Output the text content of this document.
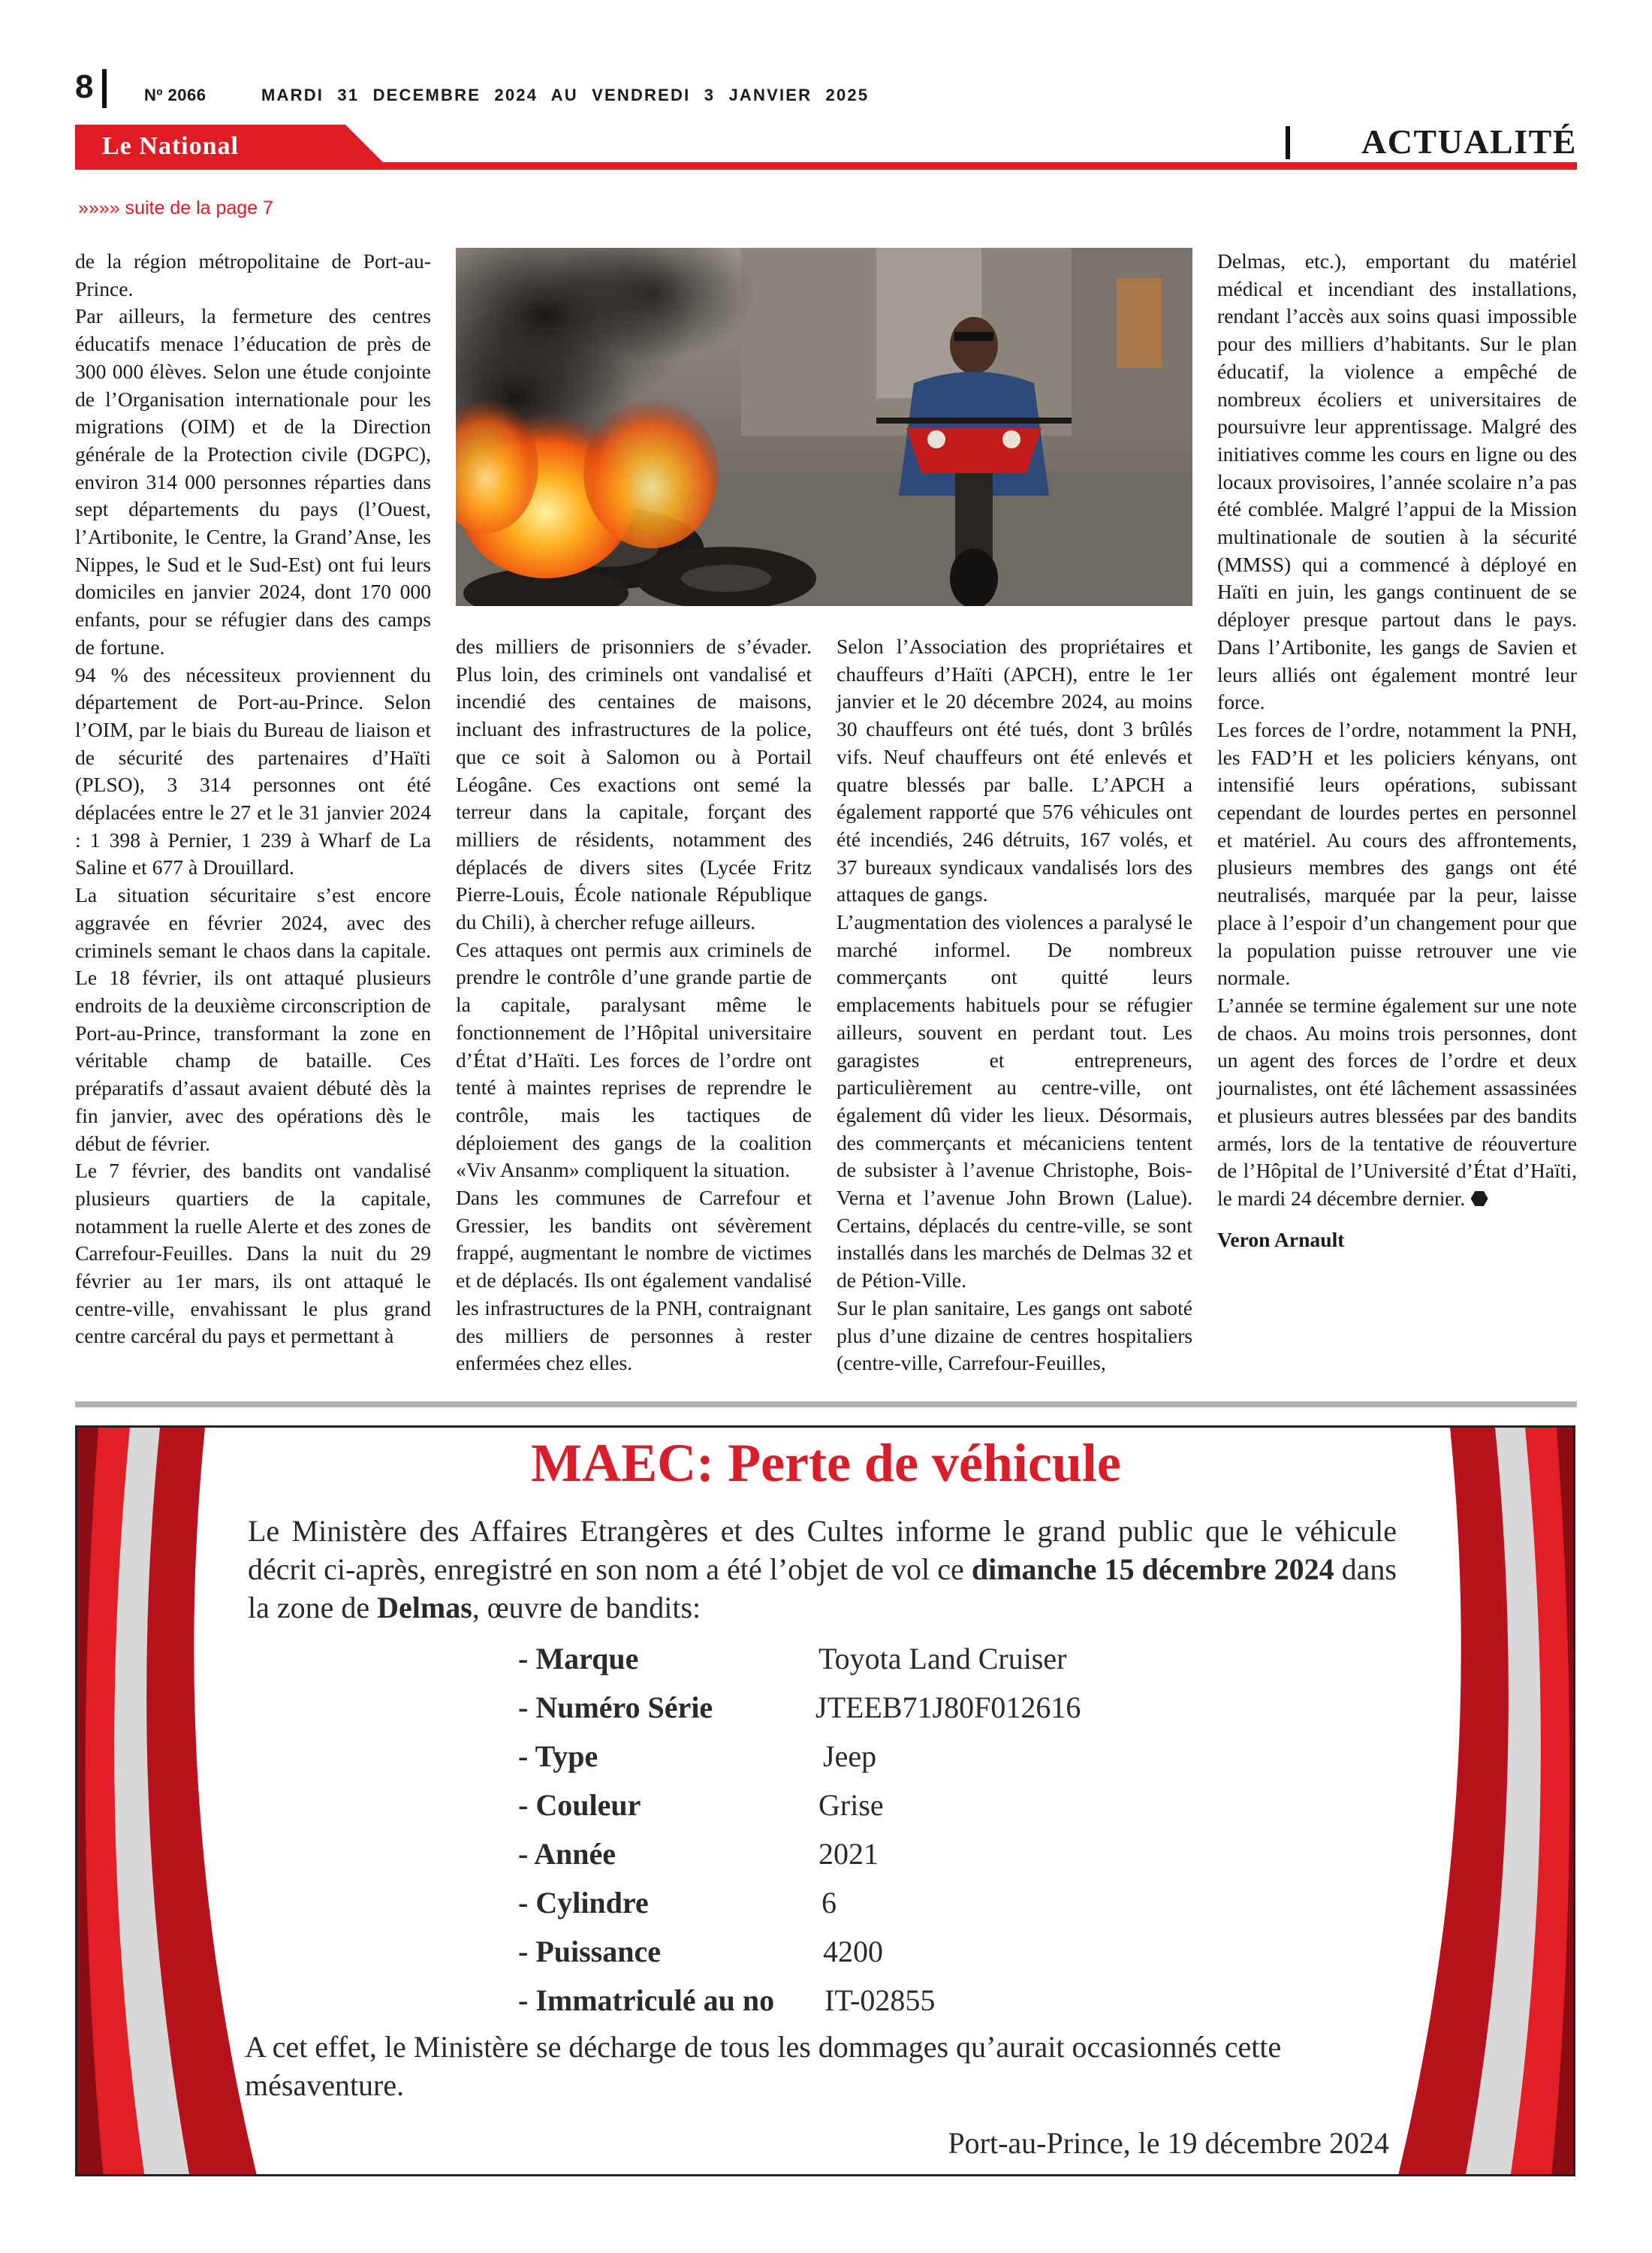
8	Nº 2066	MARDI 31 DECEMBRE 2024 AU VENDREDI 3 JANVIER 2025
Le National	ACTUALITÉ
»»»» suite de la page 7

de la région métropolitaine de Port-au-Prince.

Par ailleurs, la fermeture des centres éducatifs menace l’éducation de près de 300 000 élèves. Selon une étude conjointe de l’Organisation internationale pour les migrations (OIM) et de la Direction générale de la Protection civile (DGPC), environ 314 000 personnes réparties dans sept départements du pays (l’Ouest, l’Artibonite, le Centre, la Grand’Anse, les Nippes, le Sud et le Sud-Est) ont fui leurs domiciles en janvier 2024, dont 170 000 enfants, pour se réfugier dans des camps de fortune.

94 % des nécessiteux proviennent du département de Port-au-Prince. Selon l’OIM, par le biais du Bureau de liaison et de sécurité des partenaires d’Haïti (PLSO), 3 314 personnes ont été déplacées entre le 27 et le 31 janvier 2024 : 1 398 à Pernier, 1 239 à Wharf de La Saline et 677 à Drouillard.

La situation sécuritaire s’est encore aggravée en février 2024, avec des criminels semant le chaos dans la capitale. Le 18 février, ils ont attaqué plusieurs endroits de la deuxième circonscription de Port-au-Prince, transformant la zone en véritable champ de bataille. Ces préparatifs d’assaut avaient débuté dès la fin janvier, avec des opérations dès le début de février.

Le 7 février, des bandits ont vandalisé plusieurs quartiers de la capitale, notamment la ruelle Alerte et des zones de Carrefour-Feuilles. Dans la nuit du 29 février au 1er mars, ils ont attaqué le centre-ville, envahissant le plus grand centre carcéral du pays et permettant à

des milliers de prisonniers de s’évader. Plus loin, des criminels ont vandalisé et incendié des centaines de maisons, incluant des infrastructures de la police, que ce soit à Salomon ou à Portail Léogâne. Ces exactions ont semé la terreur dans la capitale, forçant des milliers de résidents, notamment des déplacés de divers sites (Lycée Fritz Pierre-Louis, École nationale République du Chili), à chercher refuge ailleurs.

Ces attaques ont permis aux criminels de prendre le contrôle d’une grande partie de la capitale, paralysant même le fonctionnement de l’Hôpital universitaire d’État d’Haïti. Les forces de l’ordre ont tenté à maintes reprises de reprendre le contrôle, mais les tactiques de déploiement des gangs de la coalition «Viv Ansanm» compliquent la situation.

Dans les communes de Carrefour et Gressier, les bandits ont sévèrement frappé, augmentant le nombre de victimes et de déplacés. Ils ont également vandalisé les infrastructures de la PNH, contraignant des milliers de personnes à rester enfermées chez elles.

Selon l’Association des propriétaires et chauffeurs d’Haïti (APCH), entre le 1er janvier et le 20 décembre 2024, au moins 30 chauffeurs ont été tués, dont 3 brûlés vifs. Neuf chauffeurs ont été enlevés et quatre blessés par balle. L’APCH a également rapporté que 576 véhicules ont été incendiés, 246 détruits, 167 volés, et 37 bureaux syndicaux vandalisés lors des attaques de gangs.

L’augmentation des violences a paralysé le marché informel. De nombreux commerçants ont quitté leurs emplacements habituels pour se réfugier ailleurs, souvent en perdant tout. Les garagistes et entrepreneurs, particulièrement au centre-ville, ont également dû vider les lieux. Désormais, des commerçants et mécaniciens tentent de subsister à l’avenue Christophe, Bois-Verna et l’avenue John Brown (Lalue). Certains, déplacés du centre-ville, se sont installés dans les marchés de Delmas 32 et de Pétion-Ville.

Sur le plan sanitaire, Les gangs ont saboté plus d’une dizaine de centres hospitaliers (centre-ville, Carrefour-Feuilles,

Delmas, etc.), emportant du matériel médical et incendiant des installations, rendant l’accès aux soins quasi impossible pour des milliers d’habitants. Sur le plan éducatif, la violence a empêché de nombreux écoliers et universitaires de poursuivre leur apprentissage. Malgré des initiatives comme les cours en ligne ou des locaux provisoires, l’année scolaire n’a pas été comblée. Malgré l’appui de la Mission multinationale de soutien à la sécurité (MMSS) qui a commencé à déployé en Haïti en juin, les gangs continuent de se déployer presque partout dans le pays. Dans l’Artibonite, les gangs de Savien et leurs alliés ont également montré leur force.

Les forces de l’ordre, notamment la PNH, les FAD’H et les policiers kényans, ont intensifié leurs opérations, subissant cependant de lourdes pertes en personnel et matériel. Au cours des affrontements, plusieurs membres des gangs ont été neutralisés, marquée par la peur, laisse place à l’espoir d’un changement pour que la population puisse retrouver une vie normale.

L’année se termine également sur une note de chaos. Au moins trois personnes, dont un agent des forces de l’ordre et deux journalistes, ont été lâchement assassinées et plusieurs autres blessées par des bandits armés, lors de la tentative de réouverture de l’Hôpital de l’Université d’État d’Haïti, le mardi 24 décembre dernier. ⬣

Veron Arnault

MAEC: Perte de véhicule
Le Ministère des Affaires Etrangères et des Cultes informe le grand public que le véhicule décrit ci-après, enregistré en son nom a été l’objet de vol ce dimanche 15 décembre 2024 dans la zone de Delmas, œuvre de bandits:
- Marque	Toyota Land Cruiser
- Numéro Série	JTEEB71J80F012616
- Type	Jeep
- Couleur	Grise
- Année	2021
- Cylindre	6
- Puissance	4200
- Immatriculé au no IT-02855
A cet effet, le Ministère se décharge de tous les dommages qu’aurait occasionnés cette mésaventure.
Port-au-Prince, le 19 décembre 2024
